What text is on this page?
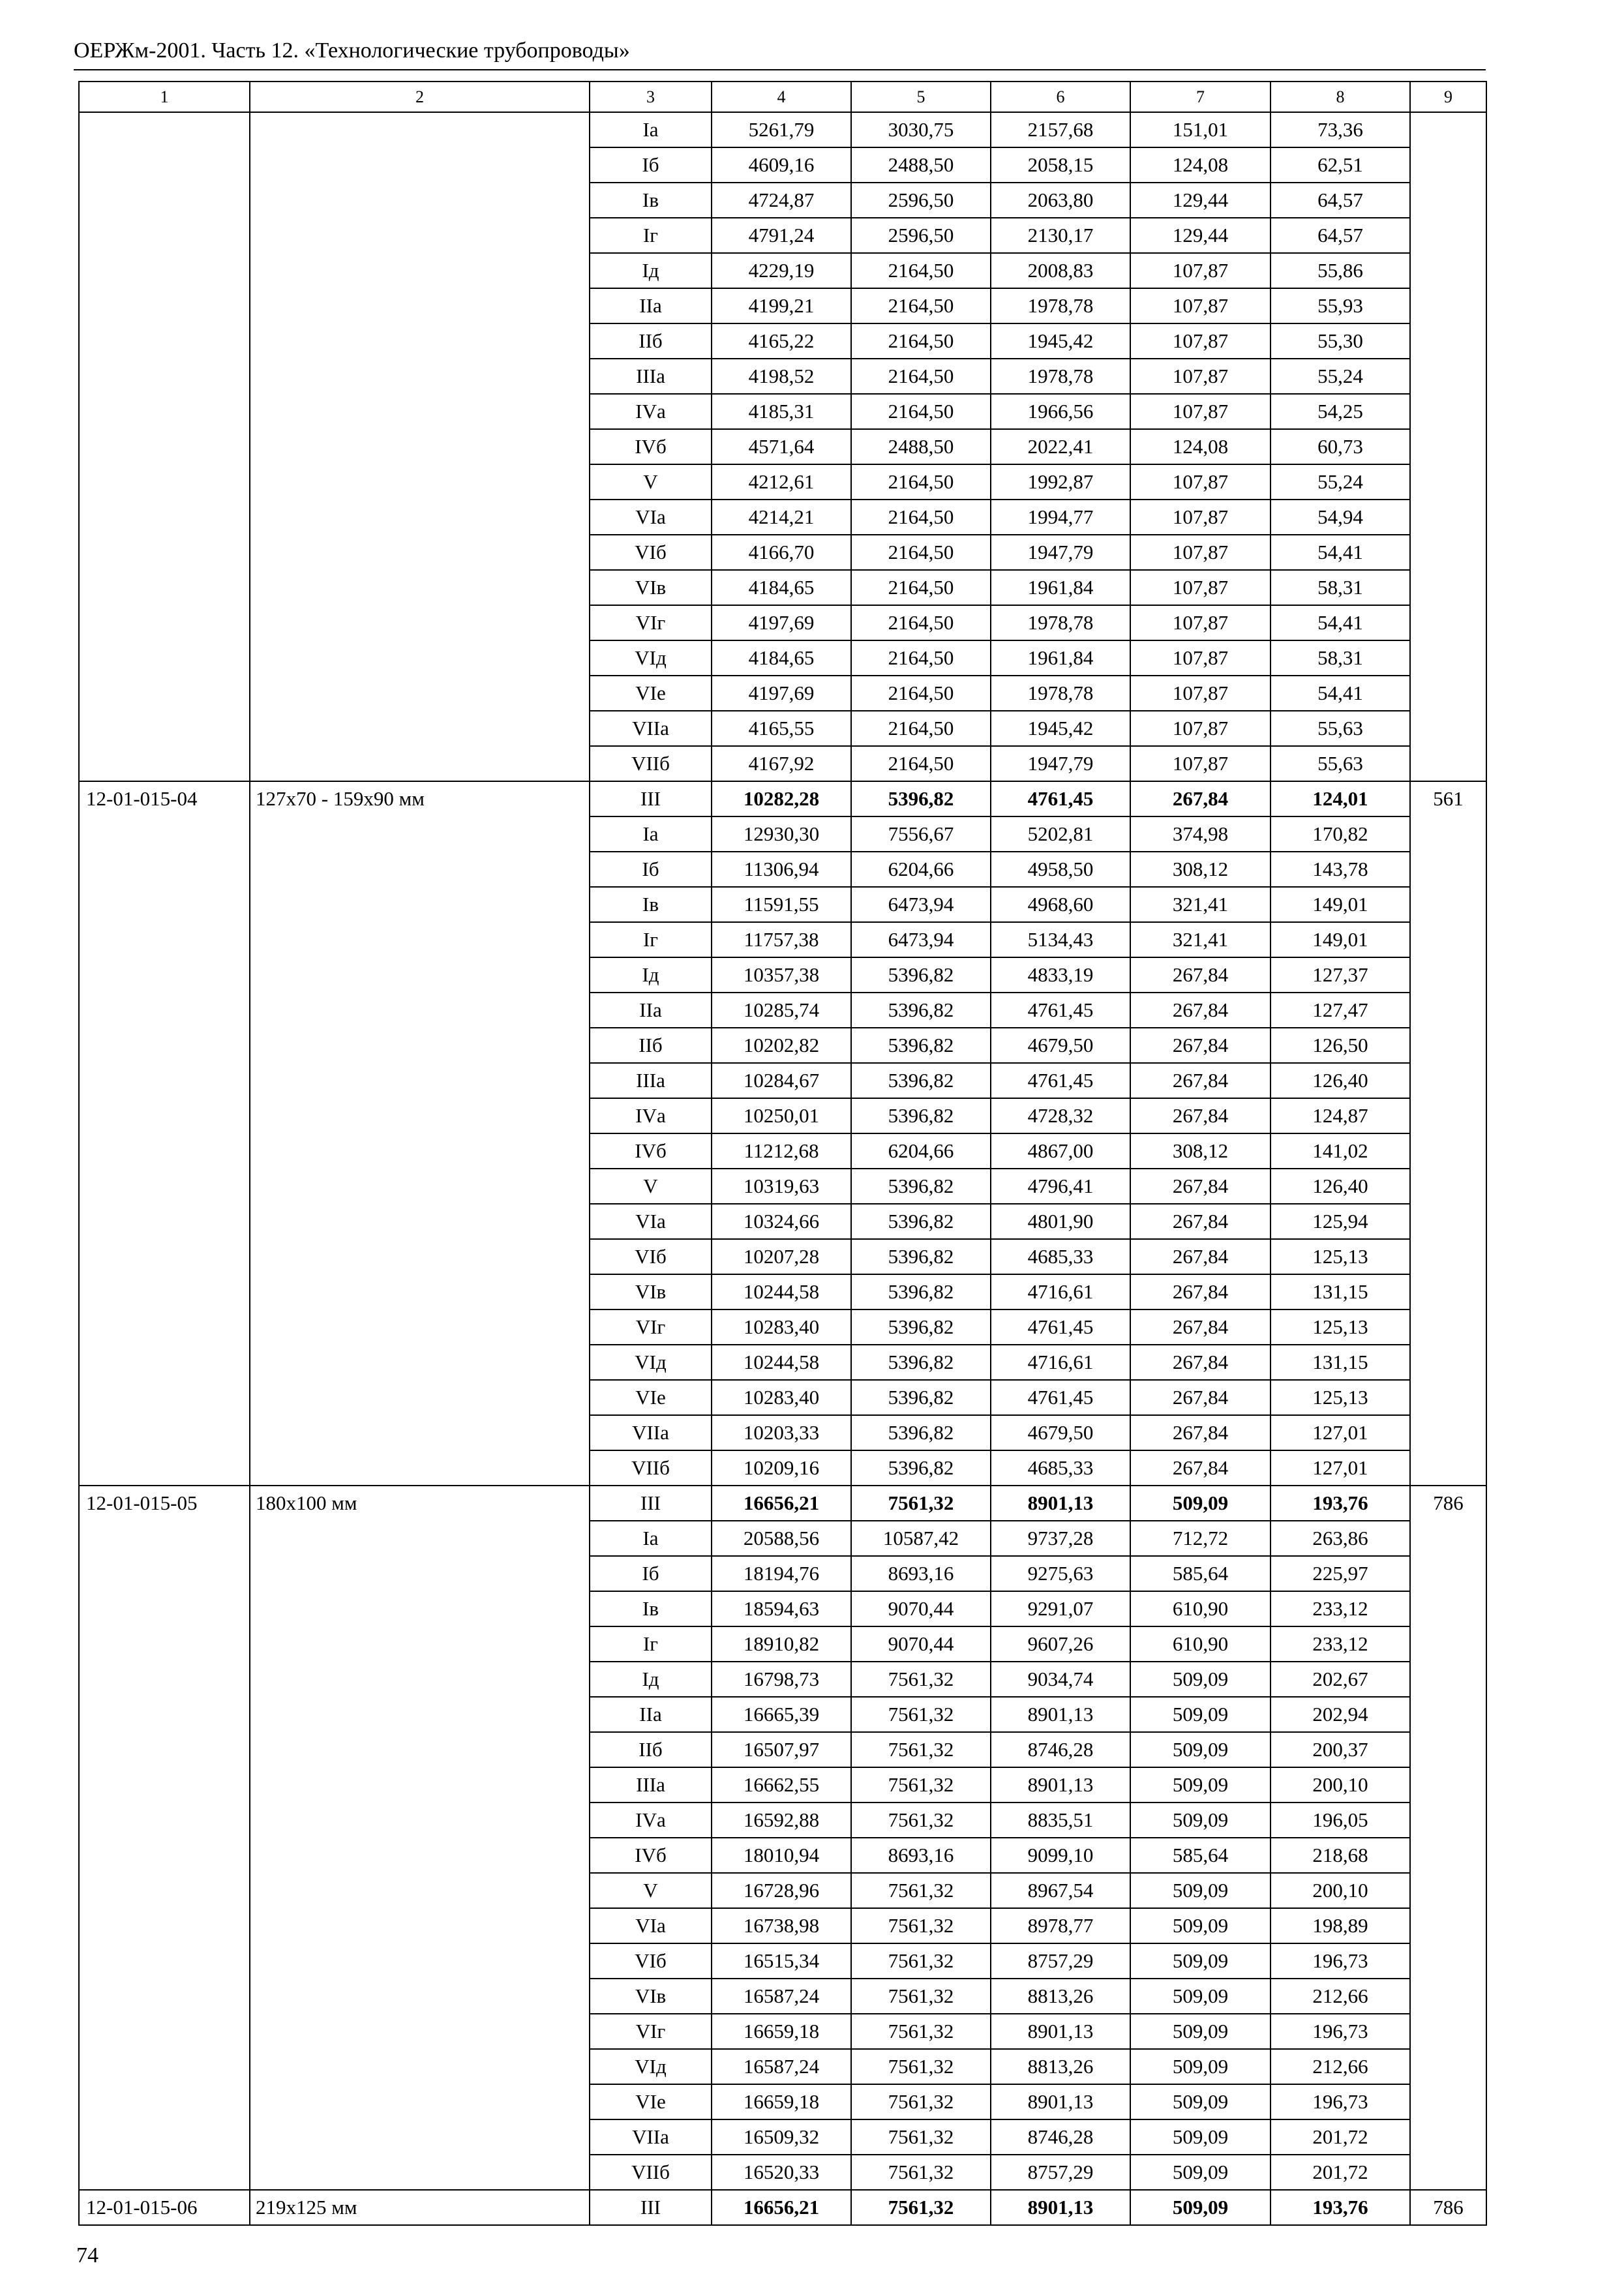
ОЕРЖм-2001. Часть 12. «Технологические трубопроводы»
1	2	3	4	5	6	7	8	9
		Iа	5261,79	3030,75	2157,68	151,01	73,36	
		Iб	4609,16	2488,50	2058,15	124,08	62,51	
		Iв	4724,87	2596,50	2063,80	129,44	64,57	
		Iг	4791,24	2596,50	2130,17	129,44	64,57	
		Iд	4229,19	2164,50	2008,83	107,87	55,86	
		IIа	4199,21	2164,50	1978,78	107,87	55,93	
		IIб	4165,22	2164,50	1945,42	107,87	55,30	
		IIIа	4198,52	2164,50	1978,78	107,87	55,24	
		IVа	4185,31	2164,50	1966,56	107,87	54,25	
		IVб	4571,64	2488,50	2022,41	124,08	60,73	
		V	4212,61	2164,50	1992,87	107,87	55,24	
		VIа	4214,21	2164,50	1994,77	107,87	54,94	
		VIб	4166,70	2164,50	1947,79	107,87	54,41	
		VIв	4184,65	2164,50	1961,84	107,87	58,31	
		VIг	4197,69	2164,50	1978,78	107,87	54,41	
		VIд	4184,65	2164,50	1961,84	107,87	58,31	
		VIе	4197,69	2164,50	1978,78	107,87	54,41	
		VIIа	4165,55	2164,50	1945,42	107,87	55,63	
		VIIб	4167,92	2164,50	1947,79	107,87	55,63	
12-01-015-04	127x70 - 159x90 мм	III	10282,28	5396,82	4761,45	267,84	124,01	561
		Iа	12930,30	7556,67	5202,81	374,98	170,82	
		Iб	11306,94	6204,66	4958,50	308,12	143,78	
		Iв	11591,55	6473,94	4968,60	321,41	149,01	
		Iг	11757,38	6473,94	5134,43	321,41	149,01	
		Iд	10357,38	5396,82	4833,19	267,84	127,37	
		IIа	10285,74	5396,82	4761,45	267,84	127,47	
		IIб	10202,82	5396,82	4679,50	267,84	126,50	
		IIIа	10284,67	5396,82	4761,45	267,84	126,40	
		IVа	10250,01	5396,82	4728,32	267,84	124,87	
		IVб	11212,68	6204,66	4867,00	308,12	141,02	
		V	10319,63	5396,82	4796,41	267,84	126,40	
		VIа	10324,66	5396,82	4801,90	267,84	125,94	
		VIб	10207,28	5396,82	4685,33	267,84	125,13	
		VIв	10244,58	5396,82	4716,61	267,84	131,15	
		VIг	10283,40	5396,82	4761,45	267,84	125,13	
		VIд	10244,58	5396,82	4716,61	267,84	131,15	
		VIе	10283,40	5396,82	4761,45	267,84	125,13	
		VIIа	10203,33	5396,82	4679,50	267,84	127,01	
		VIIб	10209,16	5396,82	4685,33	267,84	127,01	
12-01-015-05	180x100 мм	III	16656,21	7561,32	8901,13	509,09	193,76	786
		Iа	20588,56	10587,42	9737,28	712,72	263,86	
		Iб	18194,76	8693,16	9275,63	585,64	225,97	
		Iв	18594,63	9070,44	9291,07	610,90	233,12	
		Iг	18910,82	9070,44	9607,26	610,90	233,12	
		Iд	16798,73	7561,32	9034,74	509,09	202,67	
		IIа	16665,39	7561,32	8901,13	509,09	202,94	
		IIб	16507,97	7561,32	8746,28	509,09	200,37	
		IIIа	16662,55	7561,32	8901,13	509,09	200,10	
		IVа	16592,88	7561,32	8835,51	509,09	196,05	
		IVб	18010,94	8693,16	9099,10	585,64	218,68	
		V	16728,96	7561,32	8967,54	509,09	200,10	
		VIа	16738,98	7561,32	8978,77	509,09	198,89	
		VIб	16515,34	7561,32	8757,29	509,09	196,73	
		VIв	16587,24	7561,32	8813,26	509,09	212,66	
		VIг	16659,18	7561,32	8901,13	509,09	196,73	
		VIд	16587,24	7561,32	8813,26	509,09	212,66	
		VIе	16659,18	7561,32	8901,13	509,09	196,73	
		VIIа	16509,32	7561,32	8746,28	509,09	201,72	
		VIIб	16520,33	7561,32	8757,29	509,09	201,72	
12-01-015-06	219x125 мм	III	16656,21	7561,32	8901,13	509,09	193,76	786
74
